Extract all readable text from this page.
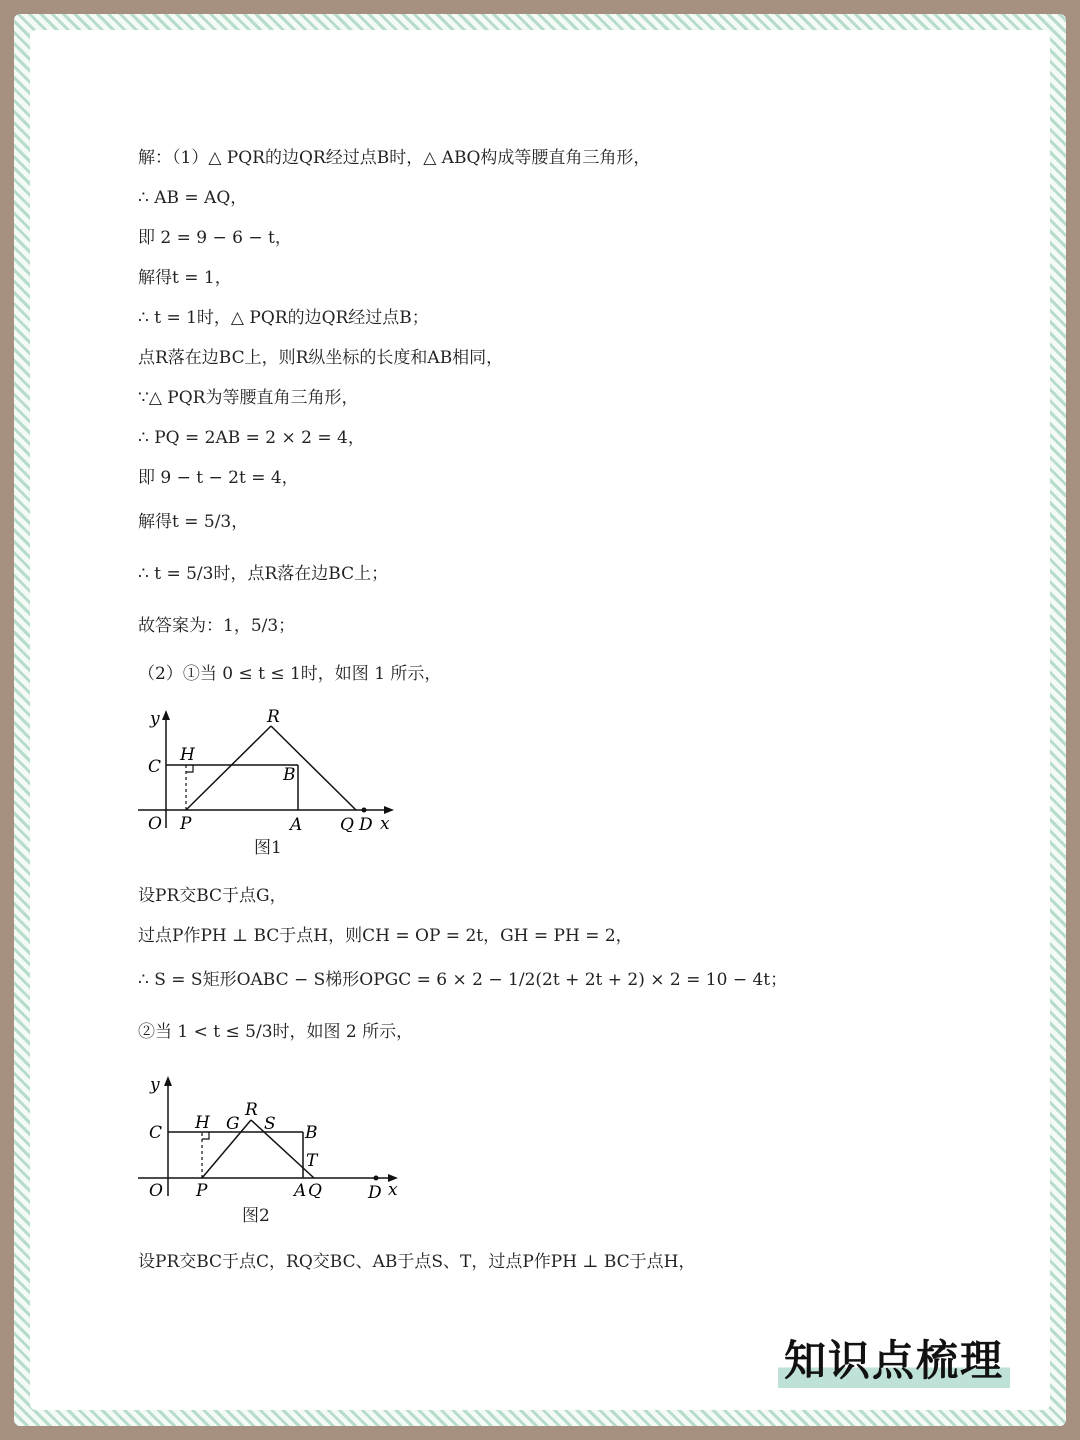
解：（1）△ PQR的边QR经过点B时，△ ABQ构成等腰直角三角形，
∴ AB = AQ，
即 2 = 9 − 6 − t，
解得t = 1，
∴ t = 1时，△ PQR的边QR经过点B；
点R落在边BC上，则R纵坐标的长度和AB相同，
∵△ PQR为等腰直角三角形，
∴ PQ = 2AB = 2 × 2 = 4，
即 9 − t − 2t = 4，
解得t = 5/3，
∴ t = 5/3时，点R落在边BC上；
故答案为：1，5/3；
（2）①当 0 ≤ t ≤ 1时，如图 1 所示，
y
x
O P	A Q D
C
H
B
R
图1
设PR交BC于点G，
过点P作PH ⊥ BC于点H，则CH = OP = 2t，GH = PH = 2，
∴ S = S矩形OABC − S梯形OPGC = 6 × 2 − 1/2(2t + 2t + 2) × 2 = 10 − 4t；
②当 1 < t ≤ 5/3时，如图 2 所示，
y
x
O P	A Q	D
C H G
R
S B
T
图2
设PR交BC于点C，RQ交BC、AB于点S、T，过点P作PH ⊥ BC于点H，
知识点梳理
